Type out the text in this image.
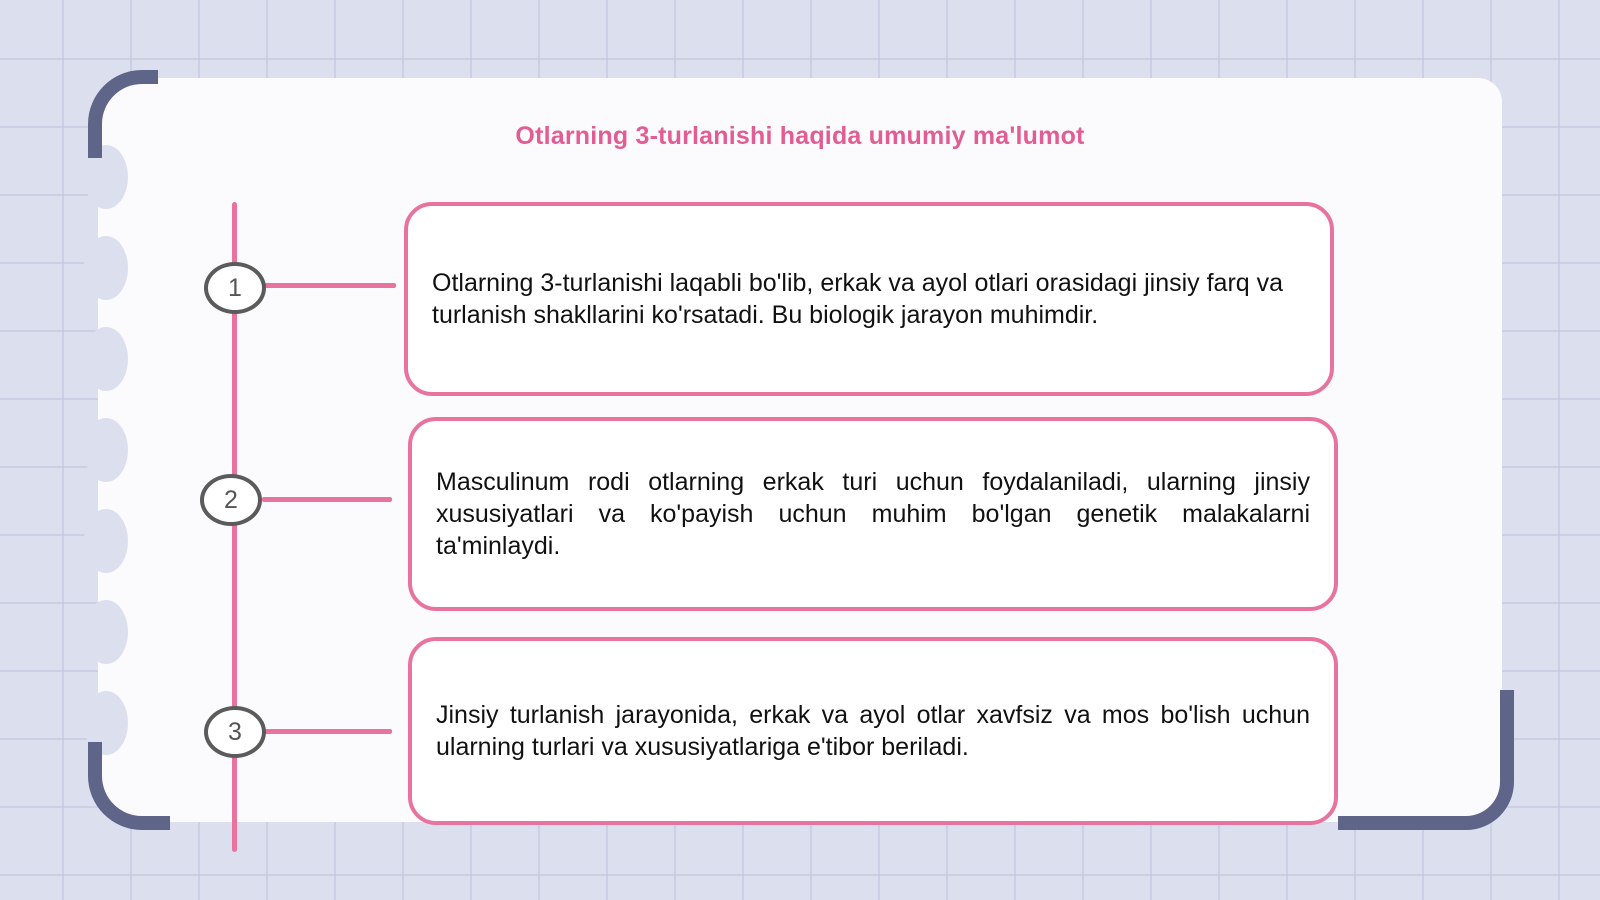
Otlarning 3-turlanishi haqida umumiy ma'lumot
1	Otlarning 3-turlanishi laqabli bo'lib, erkak va ayol otlari orasidagi jinsiy farq va turlanish shakllarini ko'rsatadi. Bu biologik jarayon muhimdir.
2
Masculinum rodi otlarning erkak turi uchun foydalaniladi, ularning jinsiy xususiyatlari va ko'payish uchun muhim bo'lgan genetik malakalarni ta'minlaydi.
3
Jinsiy turlanish jarayonida, erkak va ayol otlar xavfsiz va mos bo'lish uchun ularning turlari va xususiyatlariga e'tibor beriladi.
